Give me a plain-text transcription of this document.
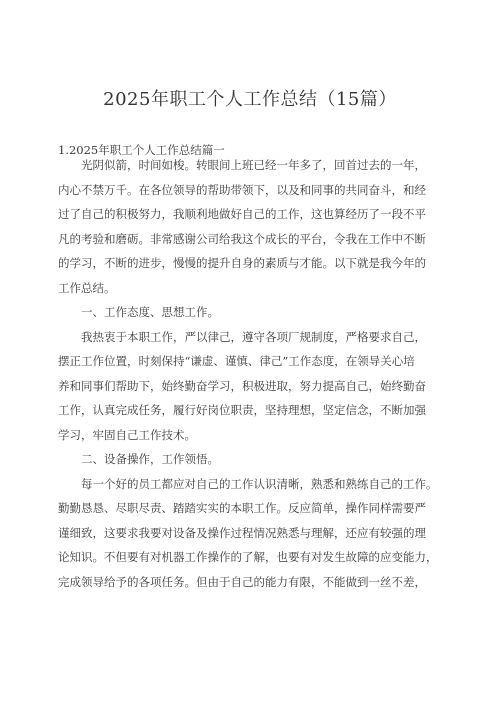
2025年职工个人工作总结（15篇）
1.2025年职工个人工作总结篇一
光阴似箭，时间如梭。转眼间上班已经一年多了，回首过去的一年，
内心不禁万千。在各位领导的帮助带领下，以及和同事的共同奋斗，和经
过了自己的积极努力，我顺利地做好自己的工作，这也算经历了一段不平
凡的考验和磨砺。非常感谢公司给我这个成长的平台，令我在工作中不断
的学习，不断的进步，慢慢的提升自身的素质与才能。以下就是我今年的
工作总结。
一、工作态度、思想工作。
我热衷于本职工作，严以律己，遵守各项厂规制度，严格要求自己，
摆正工作位置，时刻保持“谦虚、谨慎、律己”工作态度，在领导关心培
养和同事们帮助下，始终勤奋学习，积极进取，努力提高自己，始终勤奋
工作，认真完成任务，履行好岗位职责，坚持理想，坚定信念，不断加强
学习，牢固自己工作技术。
二、设备操作，工作领悟。
每一个好的员工都应对自己的工作认识清晰，熟悉和熟练自己的工作。
勤勤恳恳、尽职尽责、踏踏实实的本职工作。反应简单，操作同样需要严
谨细致，这要求我要对设备及操作过程情况熟悉与理解，还应有较强的理
论知识。不但要有对机器工作操作的了解，也要有对发生故障的应变能力，
完成领导给予的各项任务。但由于自己的能力有限，不能做到一丝不差，
